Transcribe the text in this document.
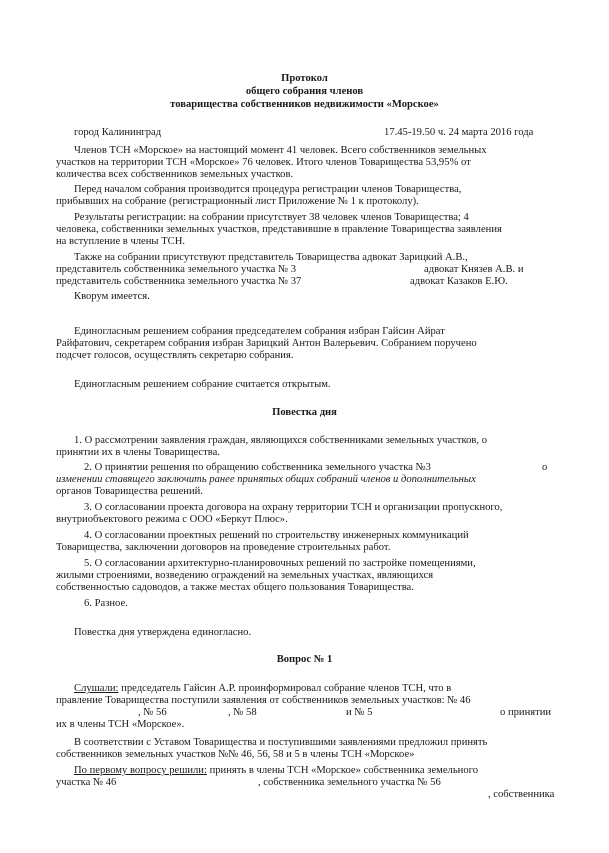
Протокол

общего собрания членов

товарищества собственников недвижимости «Морское»

город Калининград	17.45-19.50 ч. 24 марта 2016 года

Членов ТСН «Морское» на настоящий момент 41 человек. Всего собственников земельных

участков на территории ТСН «Морское» 76 человек. Итого членов Товарищества 53,95% от

количества всех собственников земельных участков.

Перед началом собрания производится процедура регистрации членов Товарищества,

прибывших на собрание (регистрационный лист Приложение № 1 к протоколу).

Результаты регистрации: на собрании присутствует 38 человек членов Товарищества; 4

человека, собственники земельных участков, представившие в правление Товарищества заявления

на вступление в члены ТСН.

Также на собрании присутствуют представитель Товарищества адвокат Зарицкий А.В.,

представитель собственника земельного участка № 3	адвокат Князев А.В. и

представитель собственника земельного участка № 37	адвокат Казаков Е.Ю.

Кворум имеется.

Единогласным решением собрания председателем собрания избран Гайсин Айрат

Райфатович, секретарем собрания избран Зарицкий Антон Валерьевич. Собранием поручено

подсчет голосов, осуществлять секретарю собрания.

Единогласным решением собрание считается открытым.

Повестка дня

1. О рассмотрении заявления граждан, являющихся собственниками земельных участков, о

принятии их в члены Товарищества.

2. О принятии решения по обращению собственника земельного участка №3	о

изменении ставящего заключить ранее принятых общих собраний членов и дополнительных

органов Товарищества решений.

3. О согласовании проекта договора на охрану территории ТСН и организации пропускного,

внутриобъектового режима с ООО «Беркут Плюс».

4. О согласовании проектных решений по строительству инженерных коммуникаций

Товарищества, заключении договоров на проведение строительных работ.

5. О согласовании архитектурно-планировочных решений по застройке помещениями,

жилыми строениями, возведению ограждений на земельных участках, являющихся

собственностью садоводов, а также местах общего пользования Товарищества.

6. Разное.

Повестка дня утверждена единогласно.

Вопрос № 1

Слушали: председатель Гайсин А.Р. проинформировал собрание членов ТСН, что в

правление Товарищества поступили заявления от собственников земельных участков: № 46

, № 56	, № 58	и № 5	о принятии

их в члены ТСН «Морское».

В соответствии с Уставом Товарищества и поступившими заявлениями предложил принять

собственников земельных участков №№ 46, 56, 58 и 5 в члены ТСН «Морское»

По первому вопросу решили: принять в члены ТСН «Морское» собственника земельного

участка № 46	, собственника земельного участка № 56

, собственника
